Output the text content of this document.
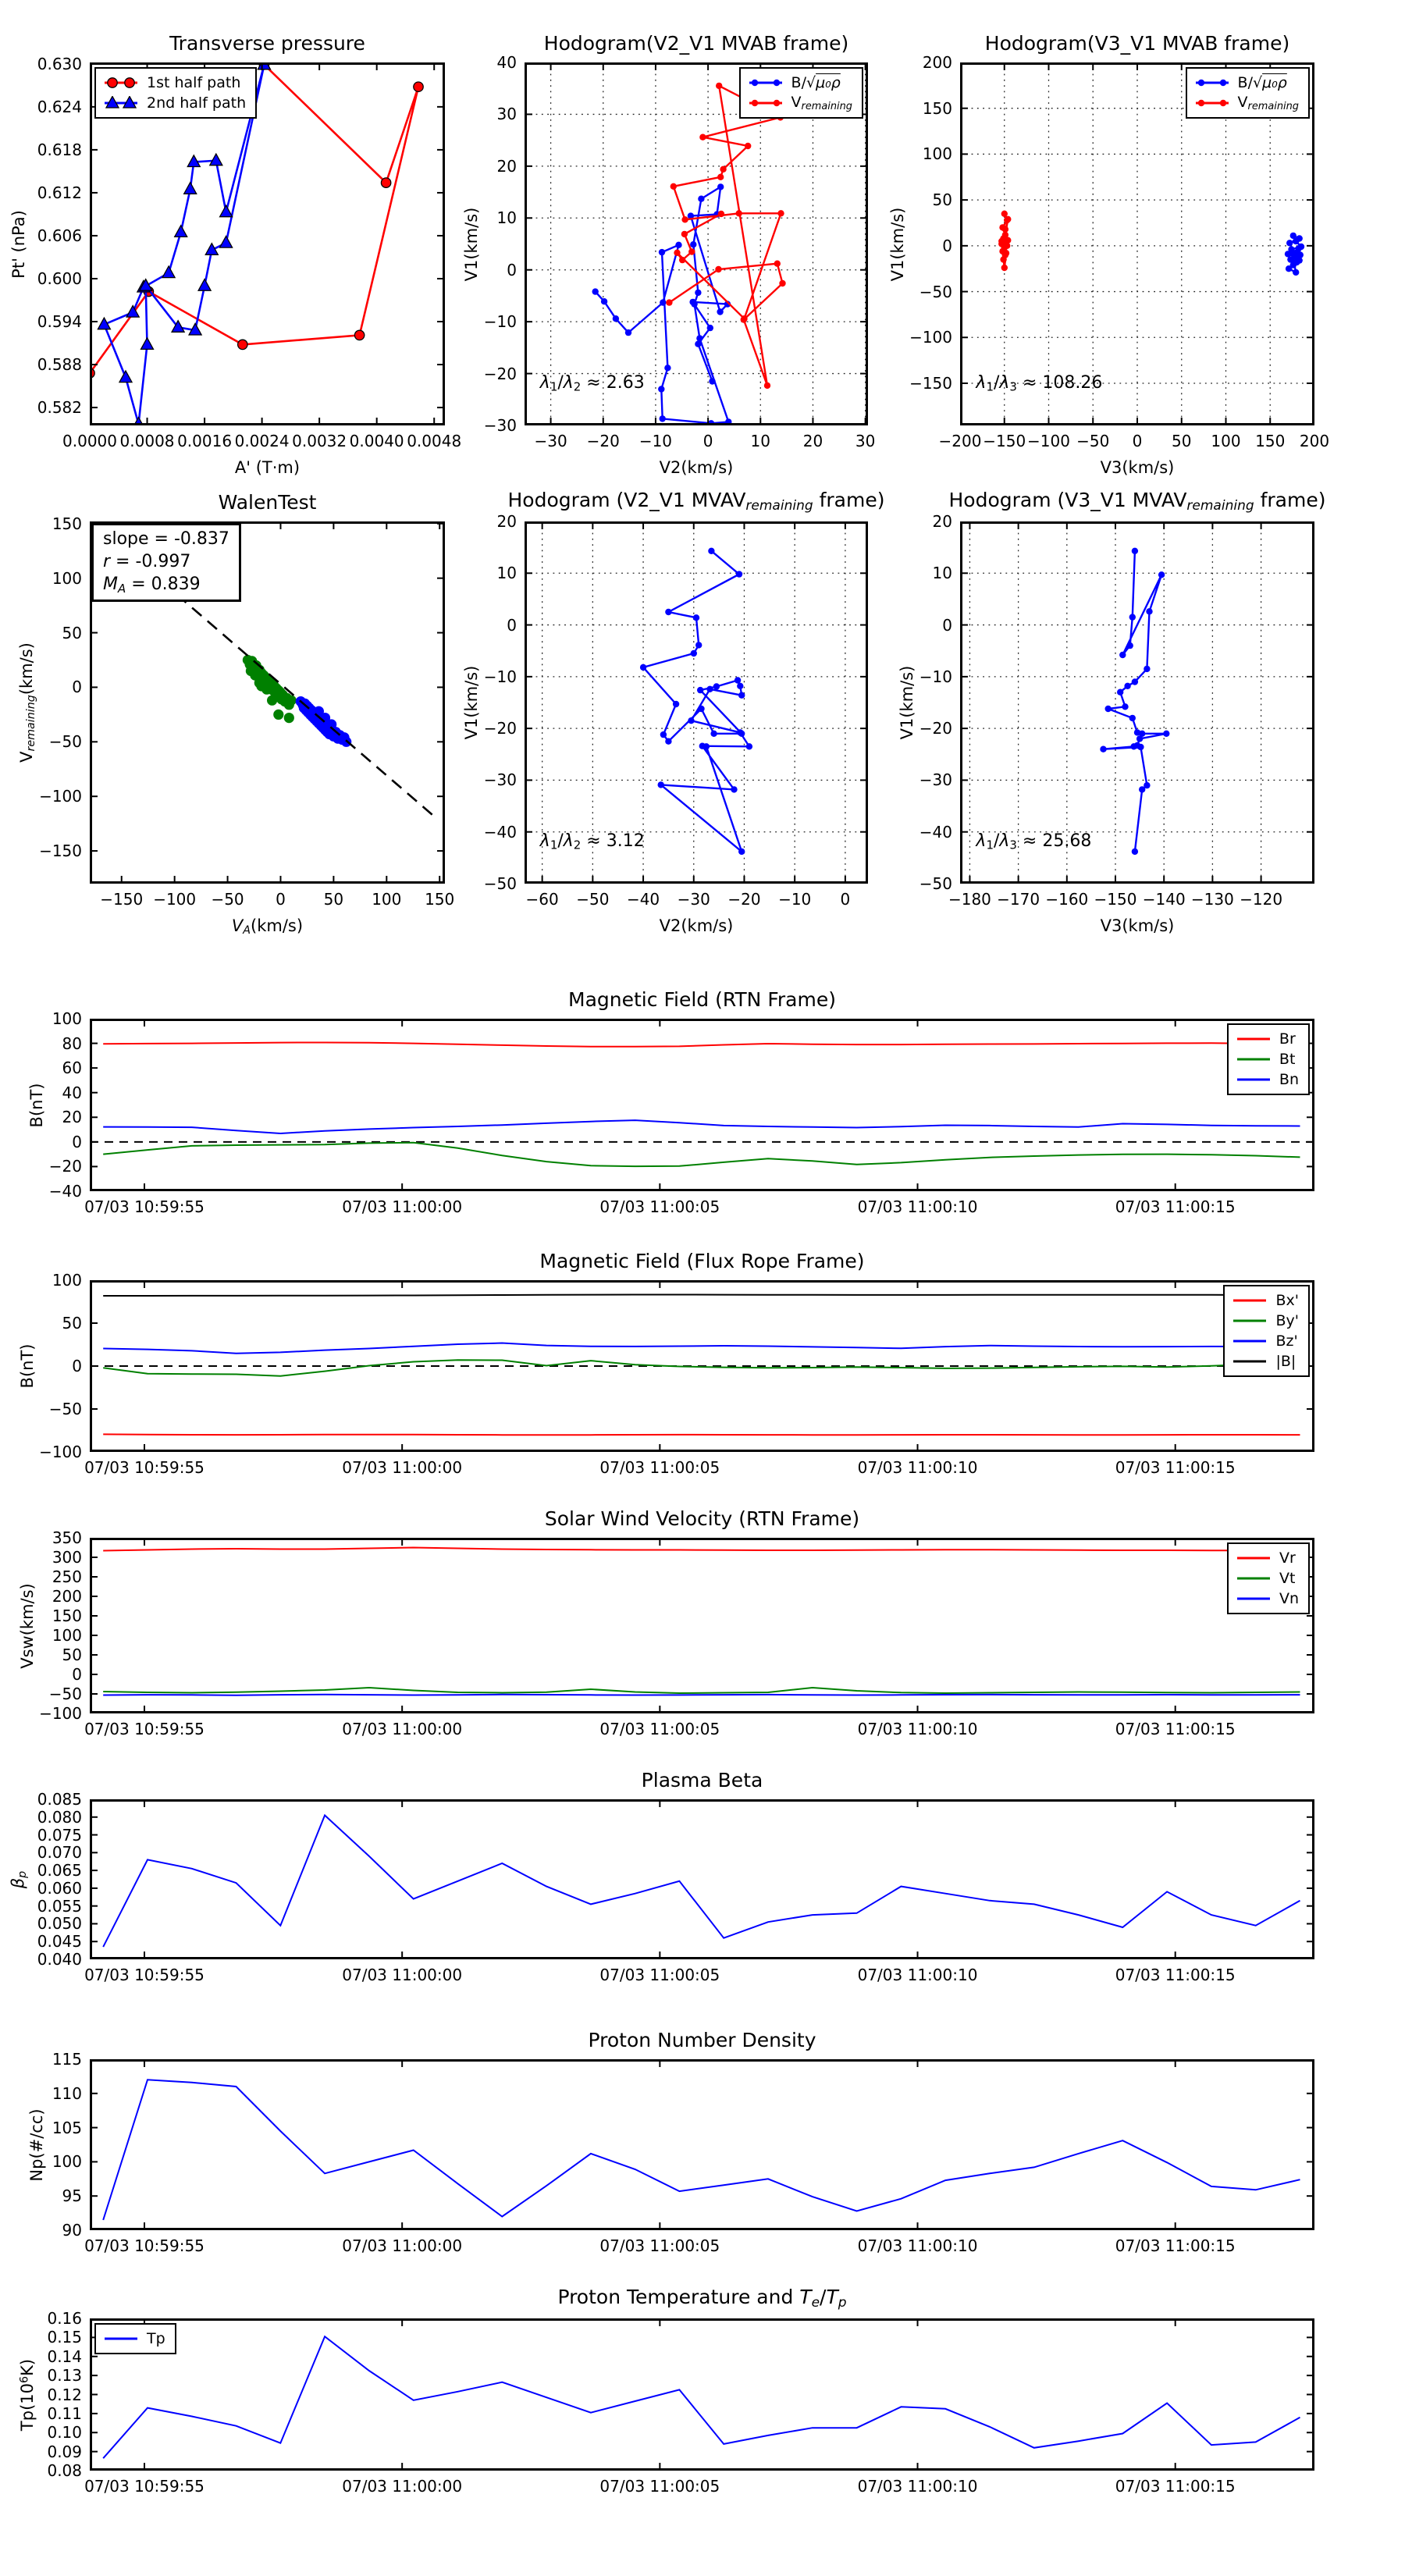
Transverse pressure
0.0000 0.0008 0.0016 0.0024 0.0032 0.0040 0.0048
0.582
0.588
0.594
0.600
0.606
0.612
0.618
0.624
0.630
A' (T·m)
Pt' (nPa)
1st half path
2nd half path
Hodogram(V2_V1 MVAB frame)
−30 −20 −10 0 10 20 30
−30
−20
−10
0
10
20
30
40
V2(km/s)
V1(km/s)
B/√μ₀ρ
Vremaining
λ1/λ2 ≈ 2.63
Hodogram(V3_V1 MVAB frame)
−200 −150 −100 −50 0 50 100 150 200
−150
−100
−50
0
50
100
150
200
V3(km/s)
V1(km/s)
B/√μ₀ρ
Vremaining
λ1/λ3 ≈ 108.26
WalenTest
−150 −100 −50 0 50 100 150
−150
−100
−50
0
50
100
150
VA(km/s)
Vremaining(km/s)
slope = -0.837
r = -0.997
MA = 0.839
Hodogram (V2_V1 MVAVremaining frame)
−60 −50 −40 −30 −20 −10 0
−50
−40
−30
−20
−10
0
10
20
V2(km/s)
V1(km/s)
λ1/λ2 ≈ 3.12
Hodogram (V3_V1 MVAVremaining frame)
−180 −170 −160 −150 −140 −130 −120
−50
−40
−30
−20
−10
0
10
20
V3(km/s)
V1(km/s)
λ1/λ3 ≈ 25.68
Magnetic Field (RTN Frame)
07/03 10:59:55	07/03 11:00:00	07/03 11:00:05	07/03 11:00:10	07/03 11:00:15
−40
−20
0
20
40
60
80
100
B(nT)
Br
Bt
Bn
Magnetic Field (Flux Rope Frame)
07/03 10:59:55	07/03 11:00:00	07/03 11:00:05	07/03 11:00:10	07/03 11:00:15
−100
−50
0
50
100
B(nT)
Bx'
By'
Bz'
|B|
Solar Wind Velocity (RTN Frame)
07/03 10:59:55	07/03 11:00:00	07/03 11:00:05	07/03 11:00:10	07/03 11:00:15
−100
−50
0
50
100
150
200
250
300
350
Vsw(km/s)
Vr
Vt
Vn
Plasma Beta
07/03 10:59:55	07/03 11:00:00	07/03 11:00:05	07/03 11:00:10	07/03 11:00:15
0.040
0.045
0.050
0.055
0.060
0.065
0.070
0.075
0.080
0.085
βp
Proton Number Density
07/03 10:59:55	07/03 11:00:00	07/03 11:00:05	07/03 11:00:10	07/03 11:00:15
90
95
100
105
110
115
Np(#/cc)
Proton Temperature and Te/Tp
07/03 10:59:55	07/03 11:00:00	07/03 11:00:05	07/03 11:00:10	07/03 11:00:15
0.08
0.09
0.10
0.11
0.12
0.13
0.14
0.15
0.16
$Tp(10^6K)$
Tp
